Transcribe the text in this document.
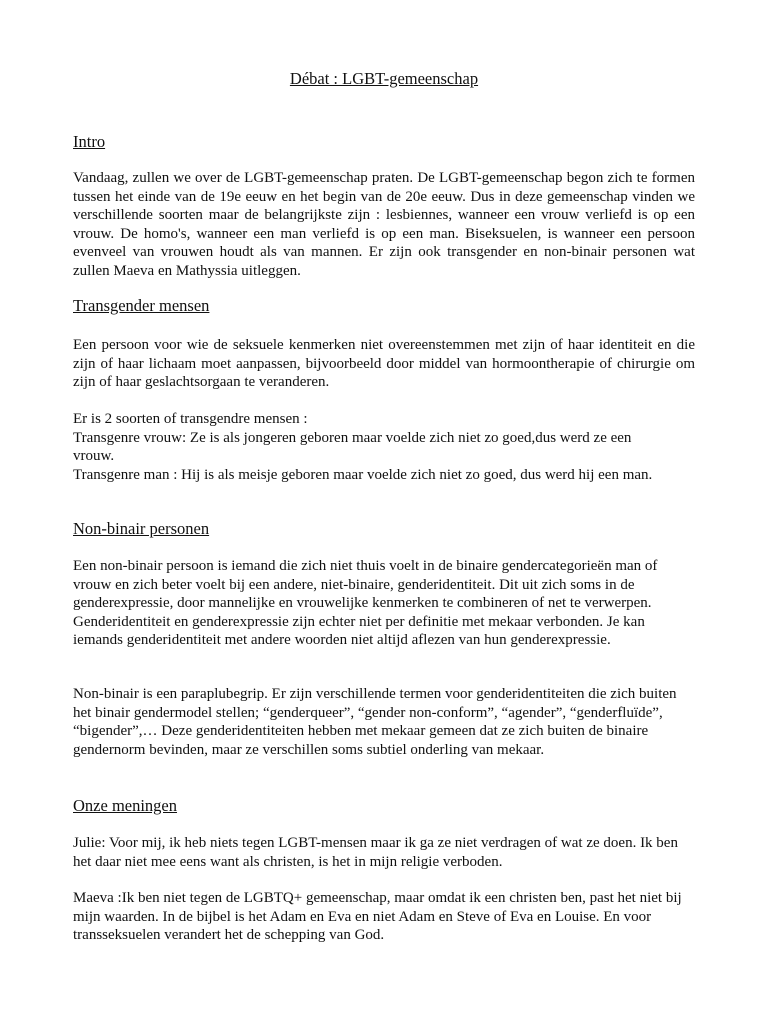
Débat : LGBT-gemeenschap
Intro

Vandaag, zullen we over de LGBT-gemeenschap praten. De LGBT-gemeenschap begon zich te formen tussen het einde van de 19e eeuw en het begin van de 20e eeuw. Dus in deze gemeenschap vinden we verschillende soorten maar de belangrijkste zijn : lesbiennes, wanneer een vrouw verliefd is op een vrouw. De homo's, wanneer een man verliefd is op een man. Biseksuelen, is wanneer een persoon evenveel van vrouwen houdt als van mannen. Er zijn ook transgender en non-binair personen wat zullen Maeva en Mathyssia uitleggen.

Transgender mensen

Een persoon voor wie de seksuele kenmerken niet overeenstemmen met zijn of haar identiteit en die zijn of haar lichaam moet aanpassen, bijvoorbeeld door middel van hormoontherapie of chirurgie om zijn of haar geslachtsorgaan te veranderen.

Er is 2 soorten of transgendre mensen :
Transgenre vrouw: Ze is als jongeren geboren maar voelde zich niet zo goed,dus werd ze een vrouw.
Transgenre man : Hij is als meisje geboren maar voelde zich niet zo goed, dus werd hij een man.
Non-binair personen

Een non-binair persoon is iemand die zich niet thuis voelt in de binaire gendercategorieën man of vrouw en zich beter voelt bij een andere, niet-binaire, genderidentiteit. Dit uit zich soms in de genderexpressie, door mannelijke en vrouwelijke kenmerken te combineren of net te verwerpen. Genderidentiteit en genderexpressie zijn echter niet per definitie met mekaar verbonden. Je kan iemands genderidentiteit met andere woorden niet altijd aflezen van hun genderexpressie.

Non-binair is een paraplubegrip. Er zijn verschillende termen voor genderidentiteiten die zich buiten het binair gendermodel stellen; “genderqueer”, “gender non-conform”, “agender”, “genderfluïde”, “bigender”,… Deze genderidentiteiten hebben met mekaar gemeen dat ze zich buiten de binaire gendernorm bevinden, maar ze verschillen soms subtiel onderling van mekaar.

Onze meningen

Julie: Voor mij, ik heb niets tegen LGBT-mensen maar ik ga ze niet verdragen of wat ze doen. Ik ben het daar niet mee eens want als christen, is het in mijn religie verboden.

Maeva :Ik ben niet tegen de LGBTQ+ gemeenschap, maar omdat ik een christen ben, past het niet bij mijn waarden. In de bijbel is het Adam en Eva en niet Adam en Steve of Eva en Louise. En voor transseksuelen verandert het de schepping van God.
